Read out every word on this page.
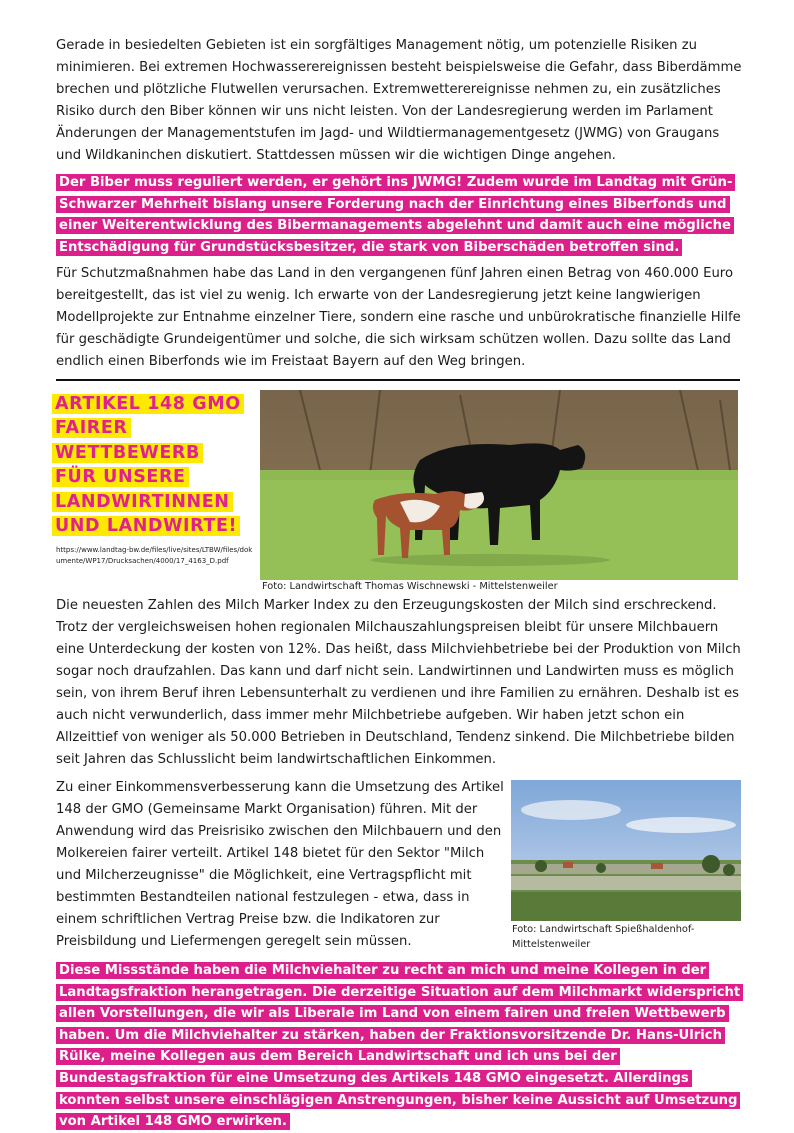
Gerade in besiedelten Gebieten ist ein sorgfältiges Management nötig, um potenzielle Risiken zu minimieren. Bei extremen Hochwasserereignissen besteht beispielsweise die Gefahr, dass Biberdämme brechen und plötzliche Flutwellen verursachen. Extremwetterereignisse nehmen zu, ein zusätzliches Risiko durch den Biber können wir uns nicht leisten. Von der Landesregierung werden im Parlament Änderungen der Managementstufen im Jagd- und Wildtiermanagementgesetz (JWMG) von Graugans und Wildkaninchen diskutiert. Stattdessen müssen wir die wichtigen Dinge angehen.

Der Biber muss reguliert werden, er gehört ins JWMG! Zudem wurde im Landtag mit Grün-Schwarzer Mehrheit bislang unsere Forderung nach der Einrichtung eines Biberfonds und einer Weiterentwicklung des Bibermanagements abgelehnt und damit auch eine mögliche Entschädigung für Grundstücksbesitzer, die stark von Biberschäden betroffen sind.

Für Schutzmaßnahmen habe das Land in den vergangenen fünf Jahren einen Betrag von 460.000 Euro bereitgestellt, das ist viel zu wenig. Ich erwarte von der Landesregierung jetzt keine langwierigen Modellprojekte zur Entnahme einzelner Tiere, sondern eine rasche und unbürokratische finanzielle Hilfe für geschädigte Grundeigentümer und solche, die sich wirksam schützen wollen. Dazu sollte das Land endlich einen Biberfonds wie im Freistaat Bayern auf den Weg bringen.

ARTIKEL 148 GMO
FAIRER
WETTBEWERB
FÜR UNSERE
LANDWIRTINNEN
UND LANDWIRTE!
https://www.landtag-bw.de/files/live/sites/LTBW/files/dokumente/WP17/Drucksachen/4000/17_4163_D.pdf
Foto: Landwirtschaft Thomas Wischnewski - Mittelstenweiler

Die neuesten Zahlen des Milch Marker Index zu den Erzeugungskosten der Milch sind erschreckend. Trotz der vergleichsweisen hohen regionalen Milchauszahlungspreisen bleibt für unsere Milchbauern eine Unterdeckung der kosten von 12%. Das heißt, dass Milchviehbetriebe bei der Produktion von Milch sogar noch draufzahlen. Das kann und darf nicht sein. Landwirtinnen und Landwirten muss es möglich sein, von ihrem Beruf ihren Lebensunterhalt zu verdienen und ihre Familien zu ernähren. Deshalb ist es auch nicht verwunderlich, dass immer mehr Milchbetriebe aufgeben. Wir haben jetzt schon ein Allzeittief von weniger als 50.000 Betrieben in Deutschland, Tendenz sinkend. Die Milchbetriebe bilden seit Jahren das Schlusslicht beim landwirtschaftlichen Einkommen.

Zu einer Einkommensverbesserung kann die Umsetzung des Artikel 148 der GMO (Gemeinsame Markt Organisation) führen. Mit der Anwendung wird das Preisrisiko zwischen den Milchbauern und den Molkereien fairer verteilt. Artikel 148 bietet für den Sektor "Milch und Milcherzeugnisse" die Möglichkeit, eine Vertragspflicht mit bestimmten Bestandteilen national festzulegen - etwa, dass in einem schriftlichen Vertrag Preise bzw. die Indikatoren zur Preisbildung und Liefermengen geregelt sein müssen.

Foto: Landwirtschaft Spießhaldenhof-Mittelstenweiler

Diese Missstände haben die Milchviehalter zu recht an mich und meine Kollegen in der Landtagsfraktion herangetragen. Die derzeitige Situation auf dem Milchmarkt widerspricht allen Vorstellungen, die wir als Liberale im Land von einem fairen und freien Wettbewerb haben. Um die Milchviehalter zu stärken, haben der Fraktionsvorsitzende Dr. Hans-Ulrich Rülke, meine Kollegen aus dem Bereich Landwirtschaft und ich uns bei der Bundestagsfraktion für eine Umsetzung des Artikels 148 GMO eingesetzt. Allerdings konnten selbst unsere einschlägigen Anstrengungen, bisher keine Aussicht auf Umsetzung von Artikel 148 GMO erwirken.
